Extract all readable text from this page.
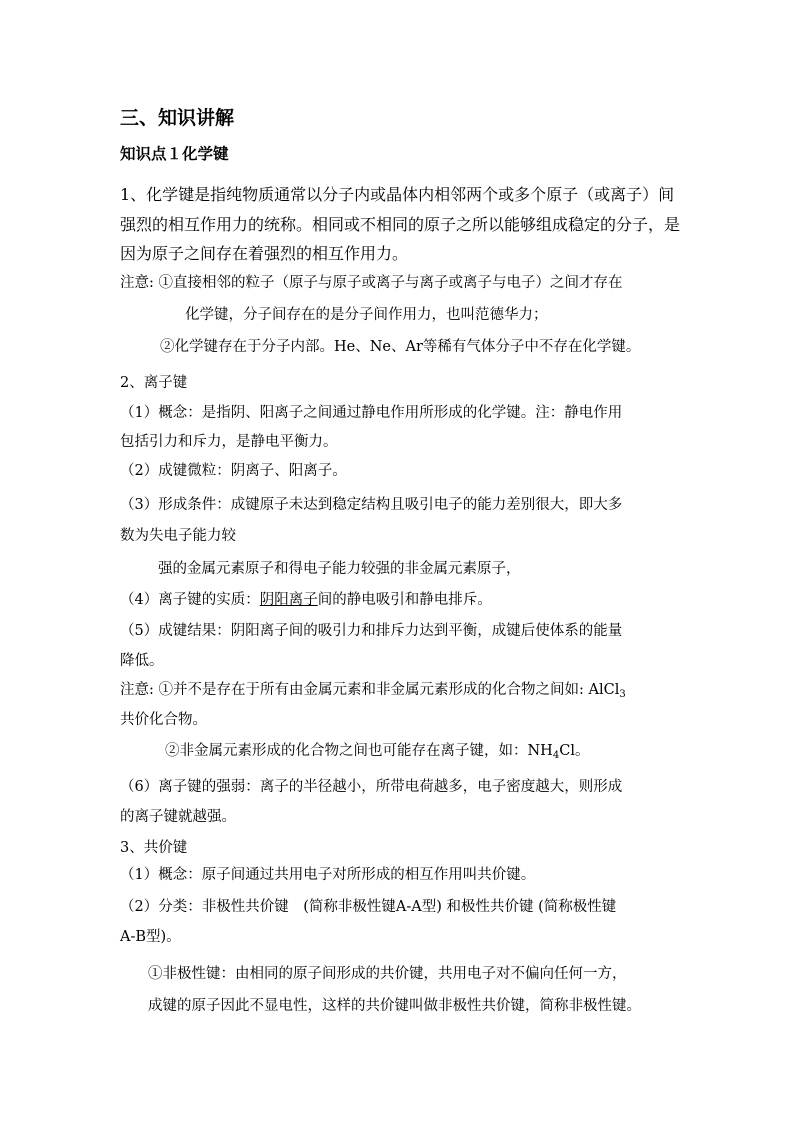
三、知识讲解
知识点１化学键
1、化学键是指纯物质通常以分子内或晶体内相邻两个或多个原子（或离子）间
强烈的相互作用力的统称。相同或不相同的原子之所以能够组成稳定的分子，是
因为原子之间存在着强烈的相互作用力。
注意: ①直接相邻的粒子（原子与原子或离子与离子或离子与电子）之间才存在
化学键，分子间存在的是分子间作用力，也叫范德华力；
②化学键存在于分子内部。He、Ne、Ar等稀有气体分子中不存在化学键。
2、离子键
（1）概念：是指阴、阳离子之间通过静电作用所形成的化学键。注：静电作用
包括引力和斥力，是静电平衡力。
（2）成键微粒：阴离子、阳离子。
（3）形成条件：成键原子未达到稳定结构且吸引电子的能力差别很大，即大多
数为失电子能力较
强的金属元素原子和得电子能力较强的非金属元素原子，
（4）离子键的实质：阴阳离子间的静电吸引和静电排斥。
（5）成键结果：阴阳离子间的吸引力和排斥力达到平衡，成键后使体系的能量
降低。
注意: ①并不是存在于所有由金属元素和非金属元素形成的化合物之间如: AlCl$_3$
共价化合物。
②非金属元素形成的化合物之间也可能存在离子键，如：$NH_4Cl$。
（6）离子键的强弱：离子的半径越小，所带电荷越多，电子密度越大，则形成
的离子键就越强。
3、共价键
（1）概念：原子间通过共用电子对所形成的相互作用叫共价键。
（2）分类：非极性共价键　(简称非极性键A-A型) 和极性共价键 (简称极性键
A-B型)。
①非极性键：由相同的原子间形成的共价键，共用电子对不偏向任何一方，
成键的原子因此不显电性，这样的共价键叫做非极性共价键，简称非极性键。
